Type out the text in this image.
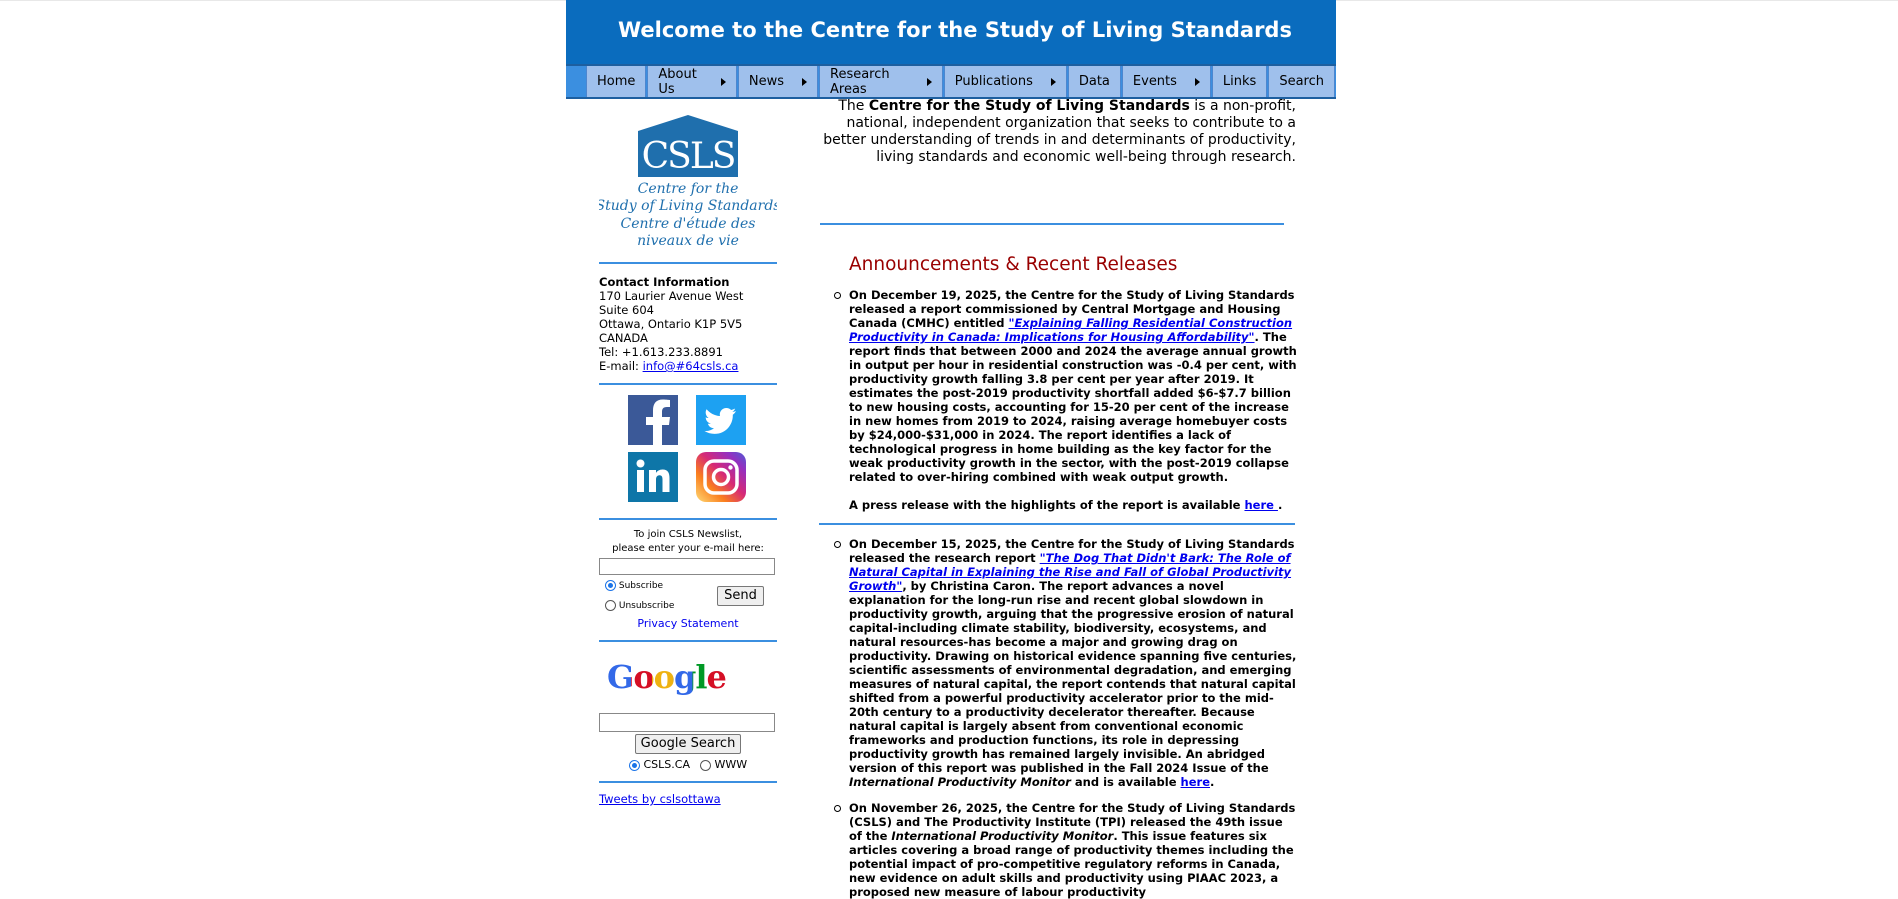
Welcome to the Centre for the Study of Living Standards
Home About Us	News	Research Areas	Publications	Data Events	Links Search
CSLS
Centre for the
Study of Living Standards
Centre d'étude des
niveaux de vie
Contact Information
170 Laurier Avenue West
Suite 604
Ottawa, Ontario K1P 5V5
CANADA
Tel: +1.613.233.8891
E-mail: info@#64csls.ca
To join CSLS Newslist,
please enter your e-mail here:
Subscribe
Unsubscribe
Send
Privacy Statement
Google
Google Search
CSLS.CA	WWW
Tweets by cslsottawa
The Centre for the Study of Living Standards is a non-profit, national, independent organization that seeks to contribute to a better understanding of trends in and determinants of productivity, living standards and economic well-being through research.
Announcements & Recent Releases
On December 19, 2025, the Centre for the Study of Living Standards released a report commissioned by Central Mortgage and Housing Canada (CMHC) entitled "Explaining Falling Residential Construction Productivity in Canada: Implications for Housing Affordability". The report finds that between 2000 and 2024 the average annual growth in output per hour in residential construction was -0.4 per cent, with productivity growth falling 3.8 per cent per year after 2019. It estimates the post-2019 productivity shortfall added $6-$7.7 billion to new housing costs, accounting for 15-20 per cent of the increase in new homes from 2019 to 2024, raising average homebuyer costs by $24,000-$31,000 in 2024. The report identifies a lack of technological progress in home building as the key factor for the weak productivity growth in the sector, with the post-2019 collapse related to over-hiring combined with weak output growth.
A press release with the highlights of the report is available here .
On December 15, 2025, the Centre for the Study of Living Standards released the research report "The Dog That Didn't Bark: The Role of Natural Capital in Explaining the Rise and Fall of Global Productivity Growth", by Christina Caron. The report advances a novel explanation for the long-run rise and recent global slowdown in productivity growth, arguing that the progressive erosion of natural capital-including climate stability, biodiversity, ecosystems, and natural resources-has become a major and growing drag on productivity. Drawing on historical evidence spanning five centuries, scientific assessments of environmental degradation, and emerging measures of natural capital, the report contends that natural capital shifted from a powerful productivity accelerator prior to the mid-20th century to a productivity decelerator thereafter. Because natural capital is largely absent from conventional economic frameworks and production functions, its role in depressing productivity growth has remained largely invisible. An abridged version of this report was published in the Fall 2024 Issue of the International Productivity Monitor and is available here.
On November 26, 2025, the Centre for the Study of Living Standards (CSLS) and The Productivity Institute (TPI) released the 49th issue of the International Productivity Monitor. This issue features six articles covering a broad range of productivity themes including the potential impact of pro-competitive regulatory reforms in Canada, new evidence on adult skills and productivity using PIAAC 2023, a proposed new measure of labour productivity
